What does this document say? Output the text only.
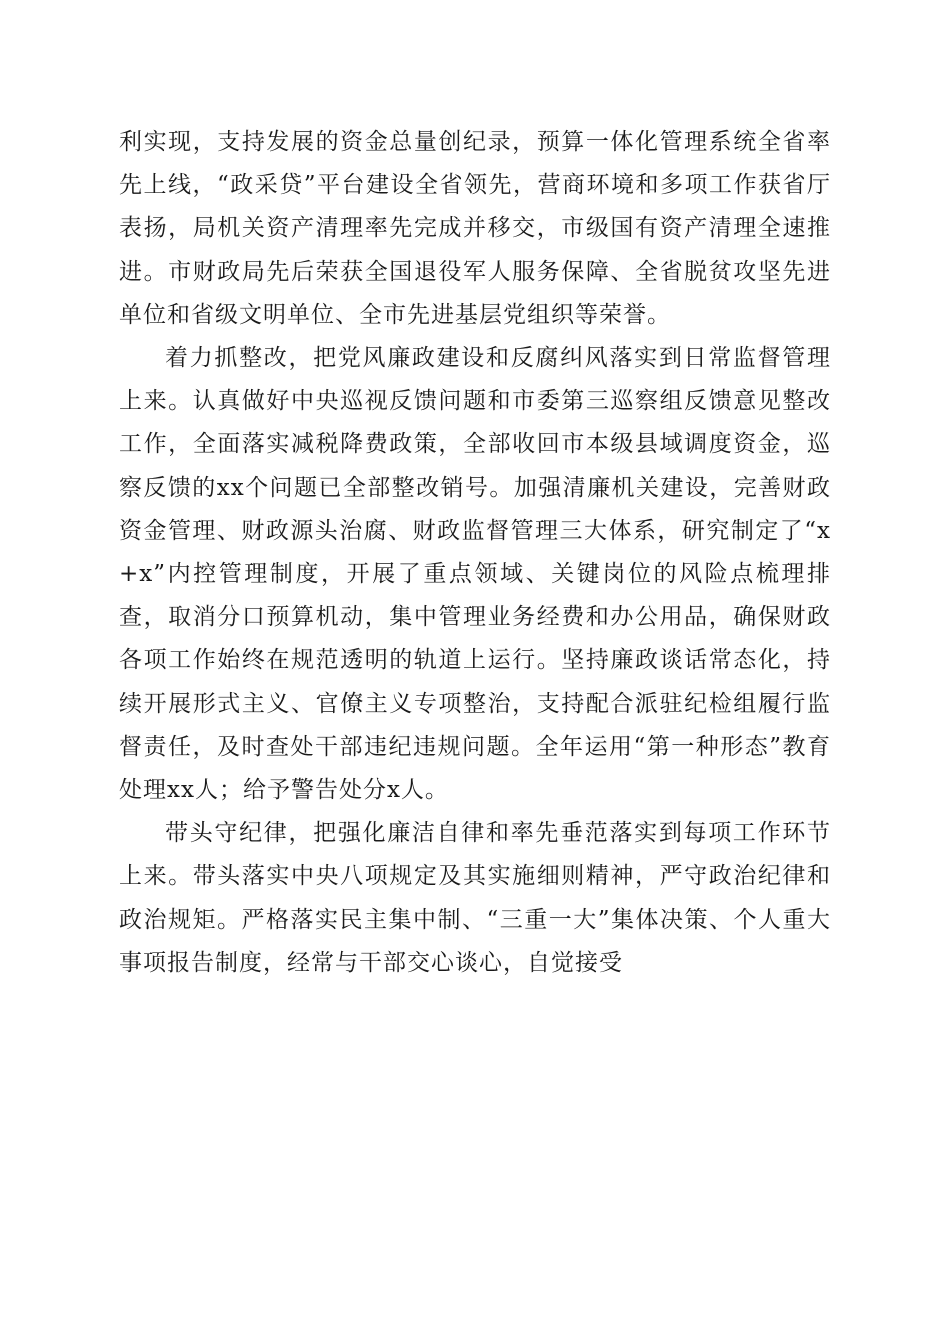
利实现，支持发展的资金总量创纪录，预算一体化管理系统全省率先上线，“政采贷”平台建设全省领先，营商环境和多项工作获省厅表扬，局机关资产清理率先完成并移交，市级国有资产清理全速推进。市财政局先后荣获全国退役军人服务保障、全省脱贫攻坚先进单位和省级文明单位、全市先进基层党组织等荣誉。

着力抓整改，把党风廉政建设和反腐纠风落实到日常监督管理上来。认真做好中央巡视反馈问题和市委第三巡察组反馈意见整改工作，全面落实减税降费政策，全部收回市本级县域调度资金，巡察反馈的xx个问题已全部整改销号。加强清廉机关建设，完善财政资金管理、财政源头治腐、财政监督管理三大体系，研究制定了“x+x”内控管理制度，开展了重点领域、关键岗位的风险点梳理排查，取消分口预算机动，集中管理业务经费和办公用品，确保财政各项工作始终在规范透明的轨道上运行。坚持廉政谈话常态化，持续开展形式主义、官僚主义专项整治，支持配合派驻纪检组履行监督责任，及时查处干部违纪违规问题。全年运用“第一种形态”教育处理xx人；给予警告处分x人。

带头守纪律，把强化廉洁自律和率先垂范落实到每项工作环节上来。带头落实中央八项规定及其实施细则精神，严守政治纪律和政治规矩。严格落实民主集中制、“三重一大”集体决策、个人重大事项报告制度，经常与干部交心谈心，自觉接受
